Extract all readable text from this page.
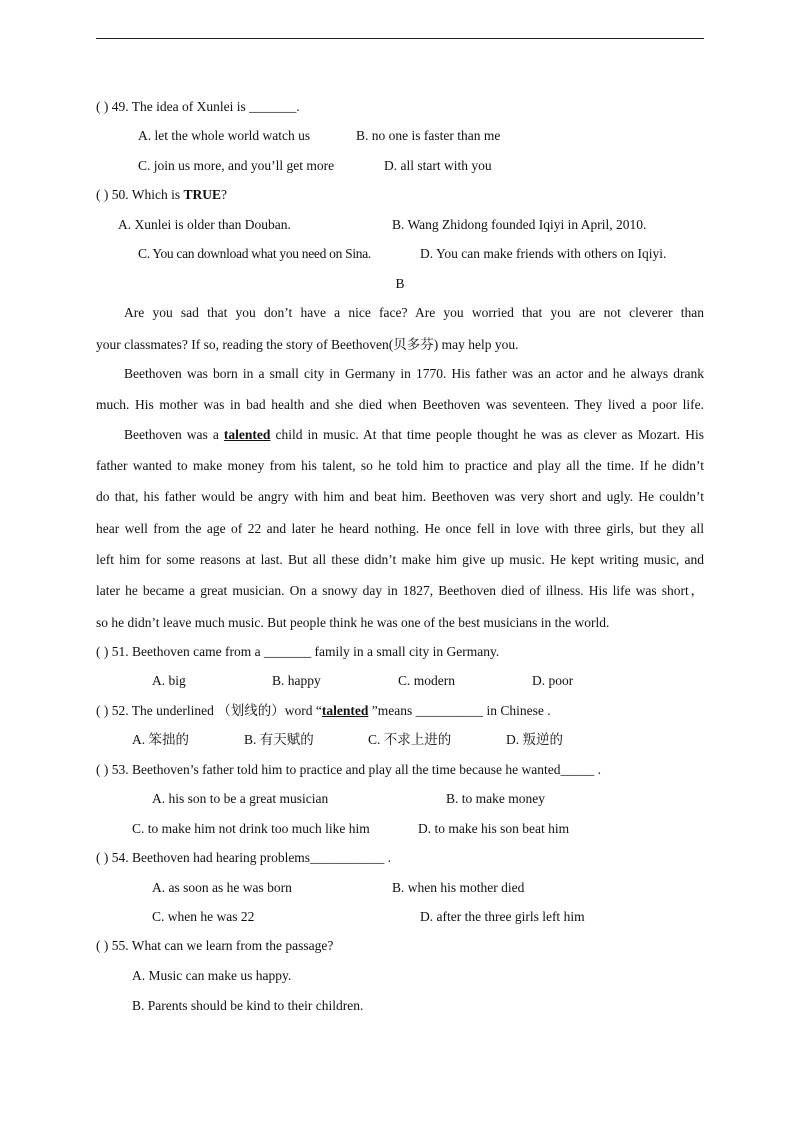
( ) 49. The idea of Xunlei is _______.
A. let the whole world watch us	B. no one is faster than me
C. join us more, and you’ll get more	D. all start with you
( ) 50. Which is TRUE?
A. Xunlei is older than Douban.	B. Wang Zhidong founded Iqiyi in April, 2010.
C. You can download what you need on Sina.	D. You can make friends with others on Iqiyi.
B
Are you sad that you don’t have a nice face? Are you worried that you are not cleverer than
your classmates? If so, reading the story of Beethoven(贝多芬) may help you.
Beethoven was born in a small city in Germany in 1770. His father was an actor and he always drank
much. His mother was in bad health and she died when Beethoven was seventeen. They lived a poor life.
Beethoven was a talented child in music. At that time people thought he was as clever as Mozart. His
father wanted to make money from his talent, so he told him to practice and play all the time. If he didn’t
do that, his father would be angry with him and beat him. Beethoven was very short and ugly. He couldn’t
hear well from the age of 22 and later he heard nothing. He once fell in love with three girls, but they all
left him for some reasons at last. But all these didn’t make him give up music. He kept writing music, and
later he became a great musician. On a snowy day in 1827, Beethoven died of illness. His life was short，
so he didn’t leave much music. But people think he was one of the best musicians in the world.
( ) 51. Beethoven came from a _______ family in a small city in Germany.
A. big	B. happy	C. modern	D. poor
( ) 52. The underlined （划线的）word “talented ”means __________ in Chinese .
A. 笨拙的	B. 有天赋的	C. 不求上进的	D. 叛逆的
( ) 53. Beethoven’s father told him to practice and play all the time because he wanted_____ .
A. his son to be a great musician	B. to make money
C. to make him not drink too much like him	D. to make his son beat him
( ) 54. Beethoven had hearing problems___________ .
A. as soon as he was born	B. when his mother died
C. when he was 22	D. after the three girls left him
( ) 55. What can we learn from the passage?
A. Music can make us happy.
B. Parents should be kind to their children.
